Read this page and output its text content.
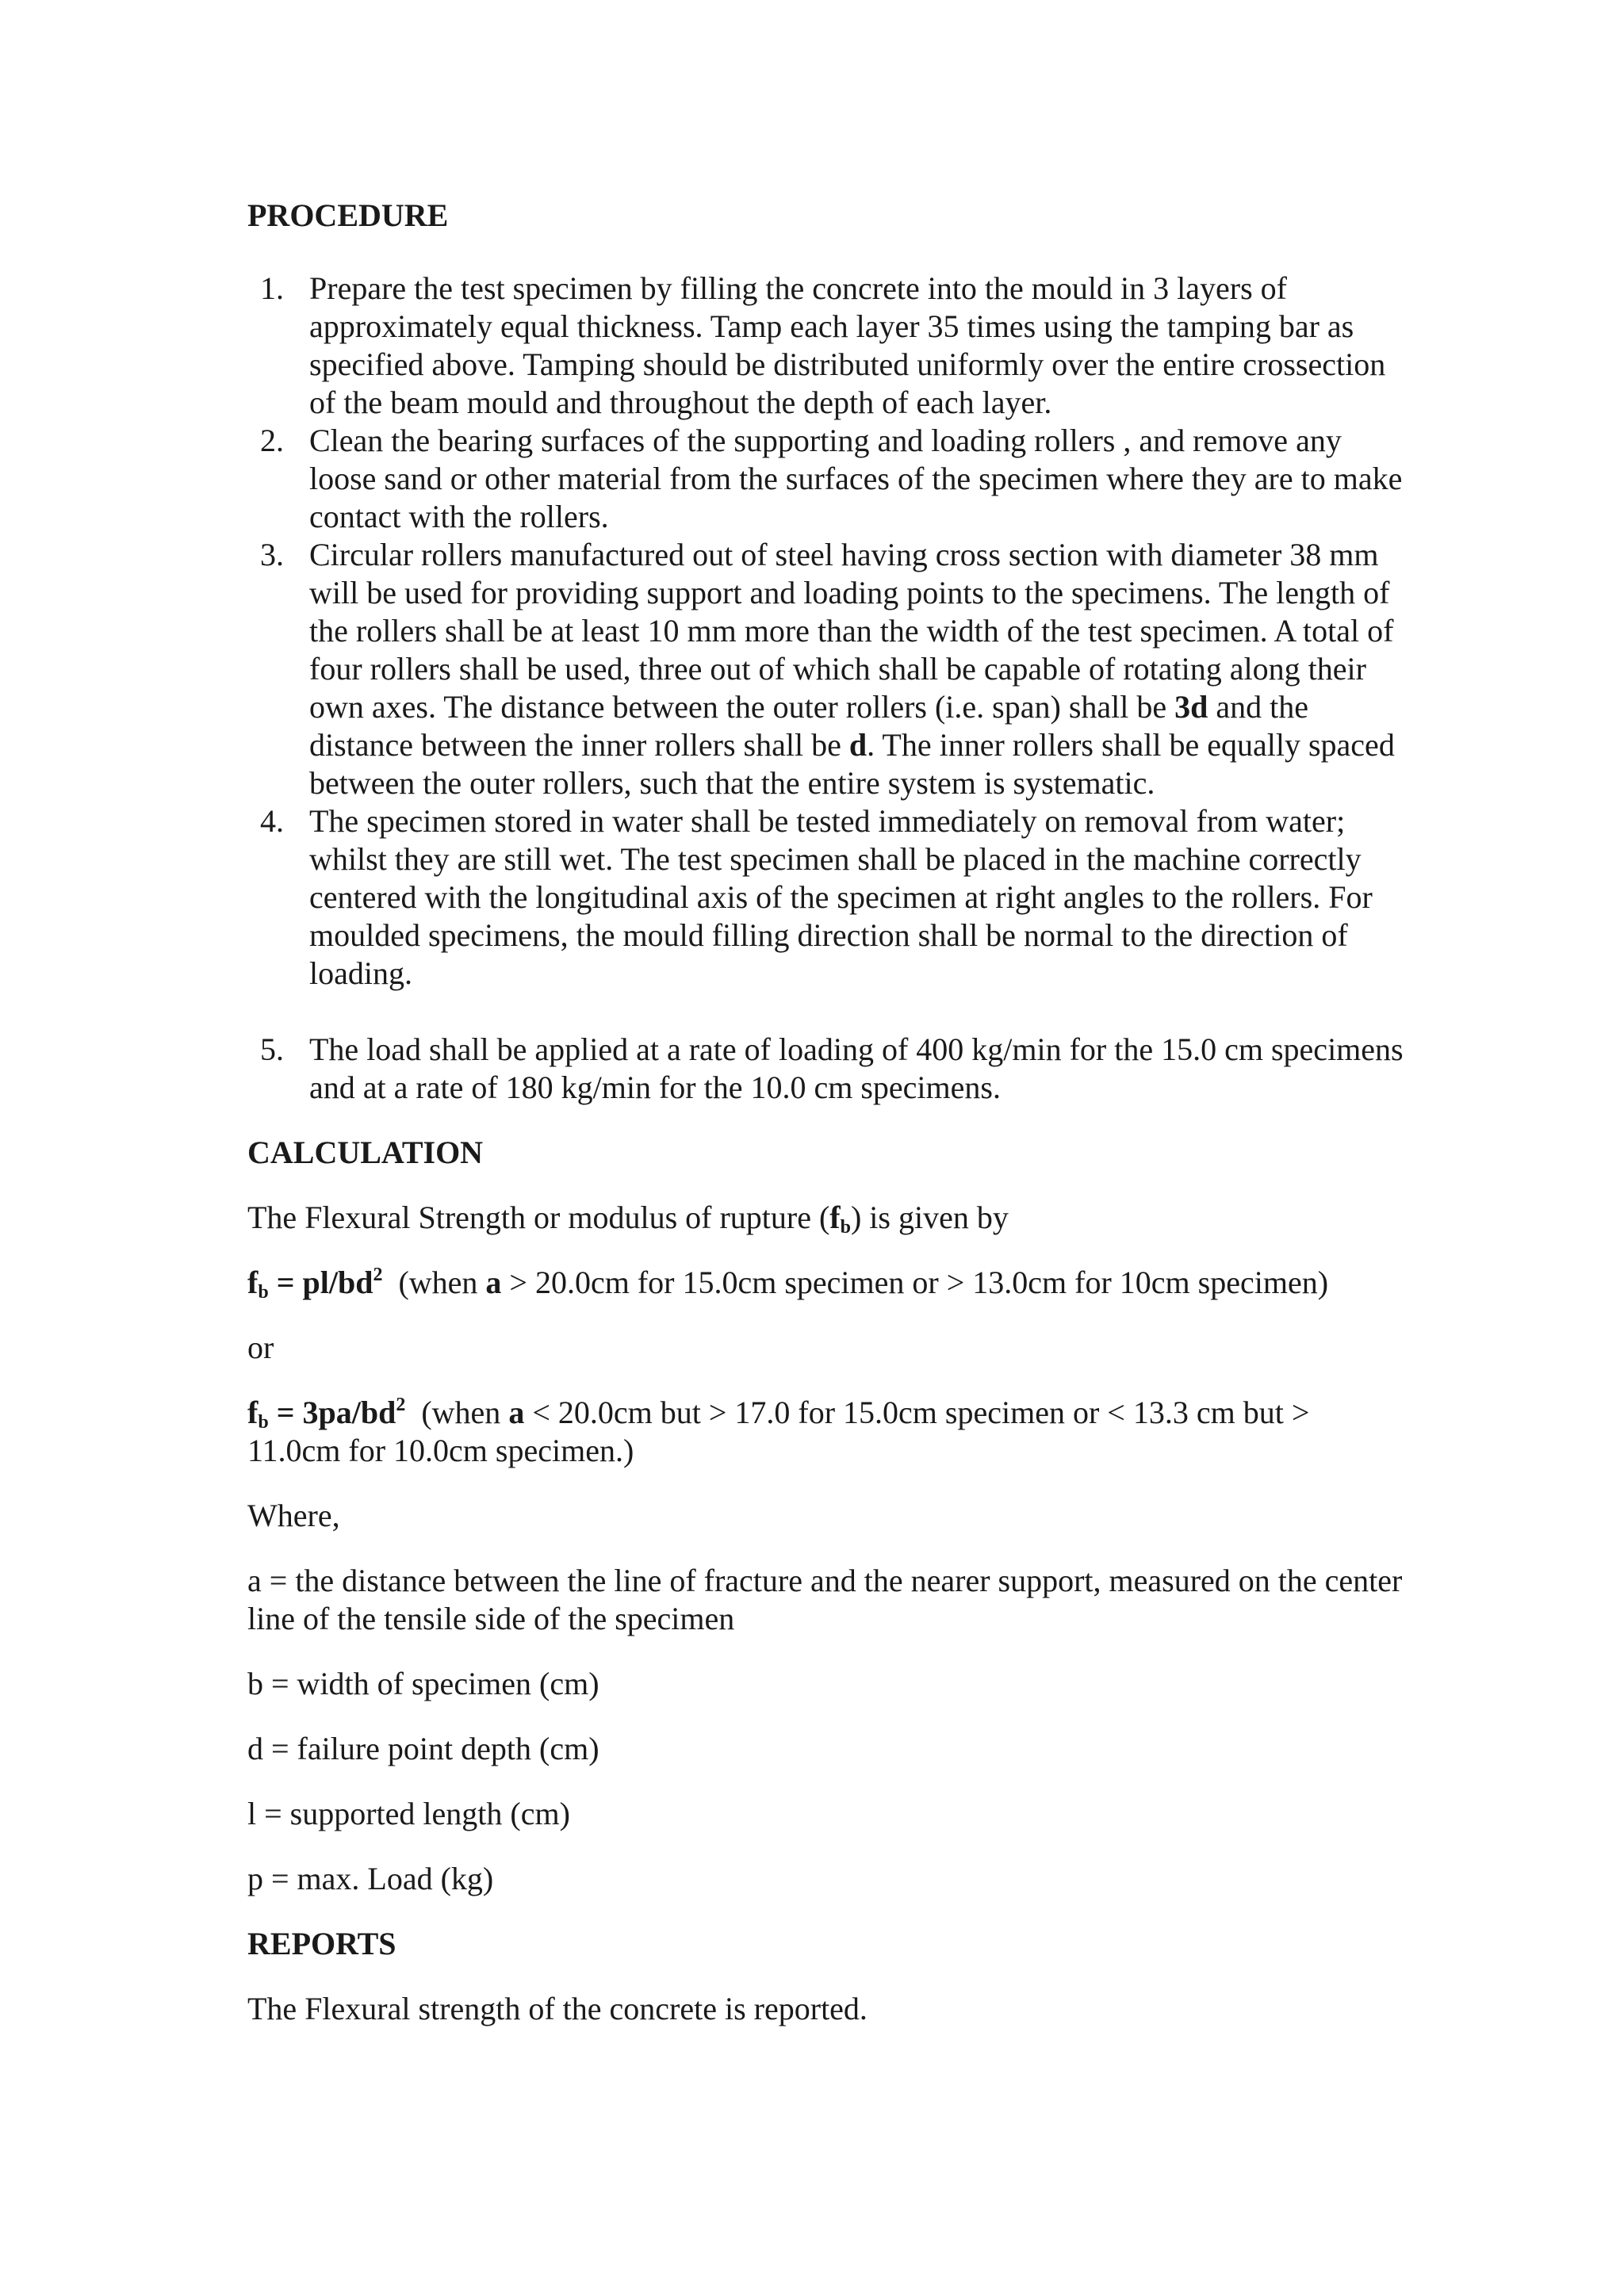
PROCEDURE

1. Prepare the test specimen by filling the concrete into the mould in 3 layers of approximately equal thickness. Tamp each layer 35 times using the tamping bar as specified above. Tamping should be distributed uniformly over the entire crossection of the beam mould and throughout the depth of each layer.
2. Clean the bearing surfaces of the supporting and loading rollers , and remove any loose sand or other material from the surfaces of the specimen where they are to make contact with the rollers.
3. Circular rollers manufactured out of steel having cross section with diameter 38 mm will be used for providing support and loading points to the specimens. The length of the rollers shall be at least 10 mm more than the width of the test specimen. A total of four rollers shall be used, three out of which shall be capable of rotating along their own axes. The distance between the outer rollers (i.e. span) shall be 3d and the distance between the inner rollers shall be d. The inner rollers shall be equally spaced between the outer rollers, such that the entire system is systematic.
4. The specimen stored in water shall be tested immediately on removal from water; whilst they are still wet. The test specimen shall be placed in the machine correctly centered with the longitudinal axis of the specimen at right angles to the rollers. For moulded specimens, the mould filling direction shall be normal to the direction of loading.
5. The load shall be applied at a rate of loading of 400 kg/min for the 15.0 cm specimens and at a rate of 180 kg/min for the 10.0 cm specimens.

CALCULATION

The Flexural Strength or modulus of rupture $(f_b)$ is given by

$f_b = pl/bd^2$  (when a > 20.0cm for 15.0cm specimen or > 13.0cm for 10cm specimen)

or

$f_b = 3pa/bd^2$  (when a < 20.0cm but > 17.0 for 15.0cm specimen or < 13.3 cm but > 11.0cm for 10.0cm specimen.)

Where,

a = the distance between the line of fracture and the nearer support, measured on the center line of the tensile side of the specimen

b = width of specimen (cm)

d = failure point depth (cm)

l = supported length (cm)

p = max. Load (kg)

REPORTS

The Flexural strength of the concrete is reported.
